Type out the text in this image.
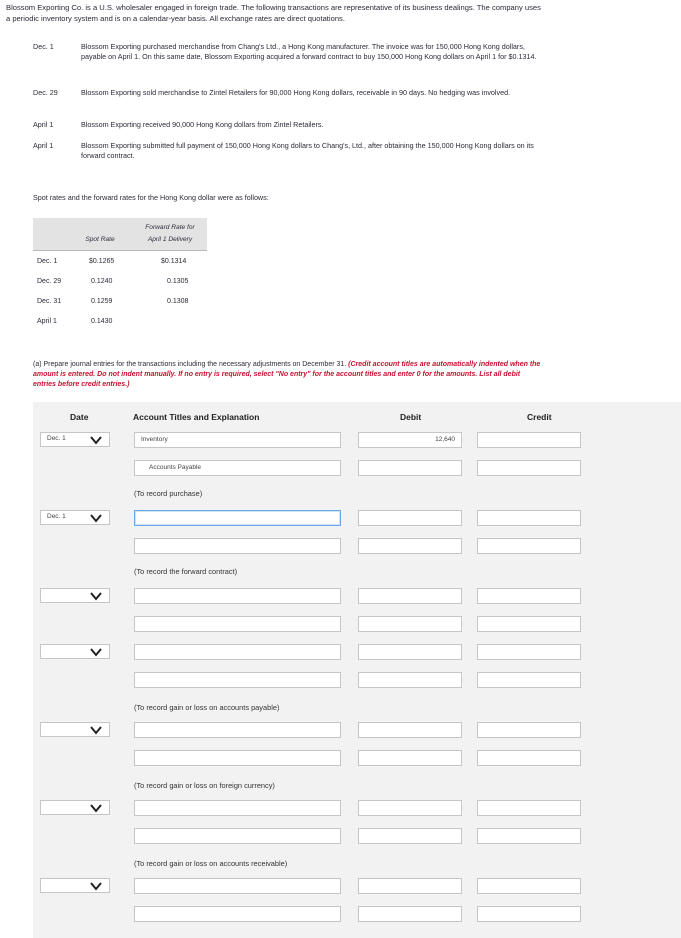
Blossom Exporting Co. is a U.S. wholesaler engaged in foreign trade. The following transactions are representative of its business dealings. The company uses a periodic inventory system and is on a calendar-year basis. All exchange rates are direct quotations.
Dec. 1	Blossom Exporting purchased merchandise from Chang's Ltd., a Hong Kong manufacturer. The invoice was for 150,000 Hong Kong dollars, payable on April 1. On this same date, Blossom Exporting acquired a forward contract to buy 150,000 Hong Kong dollars on April 1 for $0.1314.
Dec. 29	Blossom Exporting sold merchandise to Zintel Retailers for 90,000 Hong Kong dollars, receivable in 90 days. No hedging was involved.
April 1	Blossom Exporting received 90,000 Hong Kong dollars from Zintel Retailers.
April 1	Blossom Exporting submitted full payment of 150,000 Hong Kong dollars to Chang's, Ltd., after obtaining the 150,000 Hong Kong dollars on its forward contract.
Spot rates and the forward rates for the Hong Kong dollar were as follows:
Spot Rate
Forward Rate for
April 1 Delivery
Dec. 1	$0.1265	$0.1314
Dec. 29	0.1240	0.1305
Dec. 31	0.1259	0.1308
April 1	0.1430
(a) Prepare journal entries for the transactions including the necessary adjustments on December 31. (Credit account titles are automatically indented when the amount is entered. Do not indent manually. If no entry is required, select "No entry" for the account titles and enter 0 for the amounts. List all debit entries before credit entries.)
Date	Account Titles and Explanation	Debit	Credit
Dec. 1	Inventory	12,640
Accounts Payable
Dec. 1
(To record purchase)
(To record the forward contract)
(To record gain or loss on accounts payable)
(To record gain or loss on foreign currency)
(To record gain or loss on accounts receivable)
